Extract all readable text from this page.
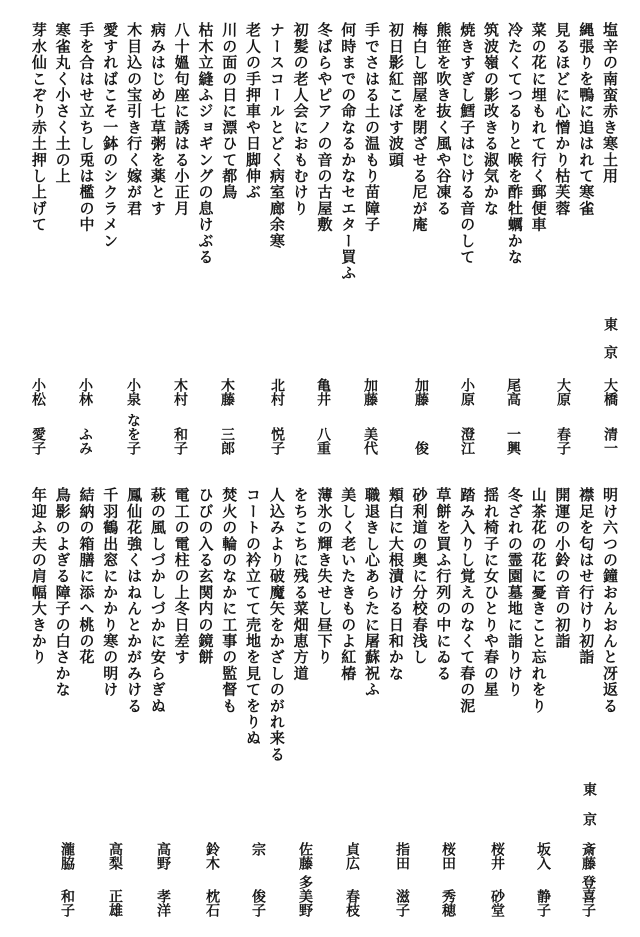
塩辛の南蛮赤き寒土用
縄張りを鴨に追はれて寒雀
見るほどに心憎かり枯芙蓉
菜の花に埋もれて行く郵便車
冷たくてつるりと喉を酢牡蠣かな
筑波嶺の影改きる淑気かな
焼きすぎし鱈子はじける音のして
熊笹を吹き抜く風や谷凍る
梅白し部屋を閉ざせる尼が庵
初日影紅こぼす波頭
手でさはる土の温もり苗障子
何時までの命なるかなセエター買ふ
冬ばらやピアノの音の古屋敷
初髪の老人会におもむけり
ナースコールとどく病室廊余寒
老人の手押車や日脚伸ぶ
川の面の日に漂ひて都鳥
枯木立縫ふジョギングの息けぶる
八十媼句座に誘はる小正月
病みはじめ七草粥を薬とす
木目込の宝引き行く嫁が君
愛すればこそ一鉢のシクラメン
手を合はせ立ちし兎は檻の中
寒雀丸く小さく土の上
芽水仙こぞり赤土押し上げて
東京
大橋
清一
大原
春子
尾高
一興
小原
澄江
加藤
俊
加藤
美代
亀井
八重
北村
悦子
木藤
三郎
木村
和子
小泉
なを子
小林
ふみ
小松
愛子
明け六つの鐘おんおんと冴返る
襟足を匂はせ行けり初詣
開運の小鈴の音の初詣
山茶花の花に憂きこと忘れをり
冬ざれの霊園墓地に詣りけり
揺れ椅子に女ひとりや春の星
踏み入りし覚えのなくて春の泥
草餅を買ふ行列の中にゐる
砂利道の奥に分校春浅し
頬白に大根漬ける日和かな
職退きし心あらたに屠蘇祝ふ
美しく老いたきものよ紅椿
薄氷の輝き失せし昼下り
をちこちに残る菜畑恵方道
人込みより破魔矢をかざしのがれ来る
コートの衿立てて売地を見てをりぬ
焚火の輪のなかに工事の監督も
ひびの入る玄関内の鏡餅
電工の電柱の上冬日差す
萩の風しづかしづかに安らぎぬ
鳳仙花強くはねんとかがみける
千羽鶴出窓にかかり寒の明け
結納の箱膳に添へ桃の花
鳥影のよぎる障子の白さかな
年迎ふ夫の肩幅大きかり
東京
斎藤
登喜子
坂入
静子
桜井
砂堂
桜田
秀穂
指田
滋子
貞広
春枝
佐藤
多美野
宗
俊子
鈴木
枕石
高野
孝洋
高梨
正雄
瀧脇
和子
